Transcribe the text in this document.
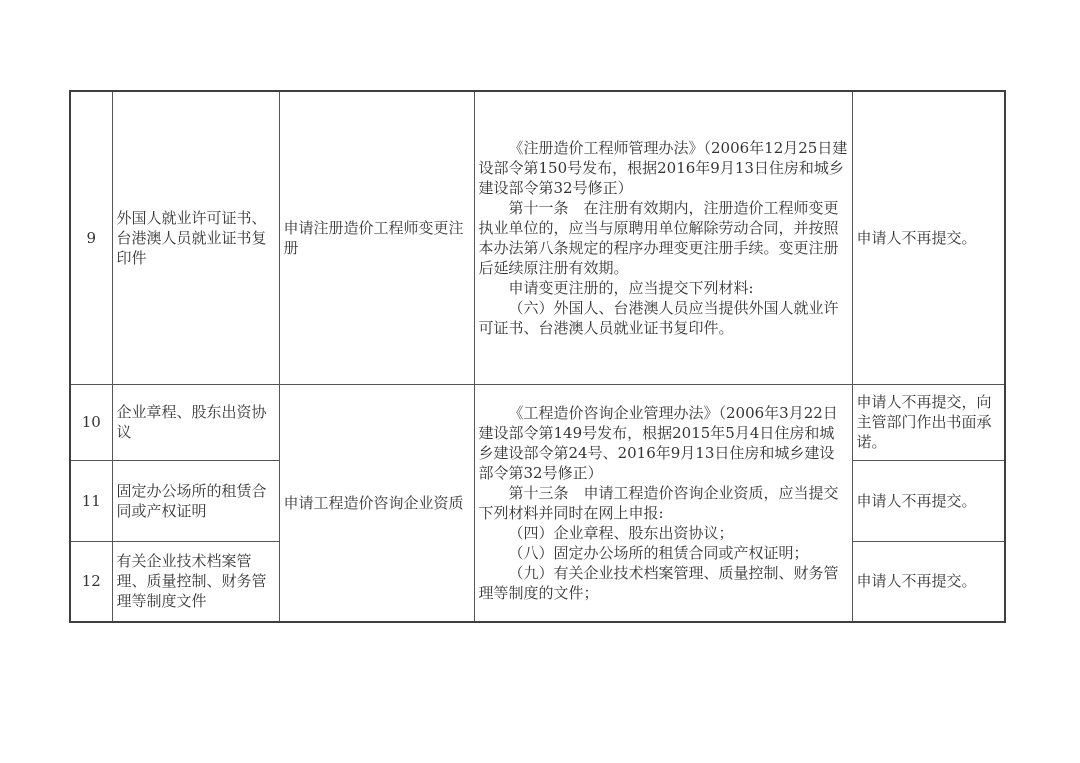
9	外国人就业许可证书、台港澳人员就业证书复印件	申请注册造价工程师变更注册	《注册造价工程师管理办法》（2006年12月25日建设部令第150号发布，根据2016年9月13日住房和城乡建设部令第32号修正）

第十一条　在注册有效期内，注册造价工程师变更执业单位的，应当与原聘用单位解除劳动合同，并按照本办法第八条规定的程序办理变更注册手续。变更注册后延续原注册有效期。

申请变更注册的，应当提交下列材料:

（六）外国人、台港澳人员应当提供外国人就业许可证书、台港澳人员就业证书复印件。	申请人不再提交。
10	企业章程、股东出资协议	申请工程造价咨询企业资质	《工程造价咨询企业管理办法》（2006年3月22日建设部令第149号发布，根据2015年5月4日住房和城乡建设部令第24号、2016年9月13日住房和城乡建设部令第32号修正）

第十三条　申请工程造价咨询企业资质，应当提交下列材料并同时在网上申报:

（四）企业章程、股东出资协议；

（八）固定办公场所的租赁合同或产权证明；

（九）有关企业技术档案管理、质量控制、财务管理等制度的文件；	申请人不再提交，向主管部门作出书面承诺。
11	固定办公场所的租赁合同或产权证明			申请人不再提交。
12	有关企业技术档案管理、质量控制、财务管理等制度文件			申请人不再提交。
